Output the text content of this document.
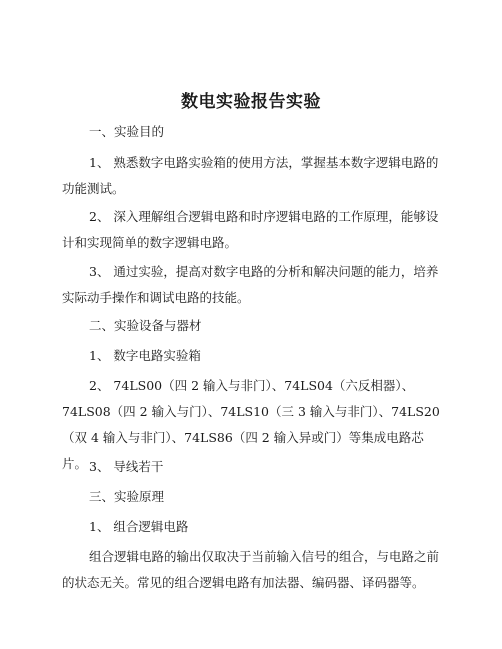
数电实验报告实验

一、实验目的

1、 熟悉数字电路实验箱的使用方法，掌握基本数字逻辑电路的功能测试。

2、 深入理解组合逻辑电路和时序逻辑电路的工作原理，能够设计和实现简单的数字逻辑电路。

3、 通过实验，提高对数字电路的分析和解决问题的能力，培养实际动手操作和调试电路的技能。

二、实验设备与器材

1、 数字电路实验箱

2、 74LS00（四 2 输入与非门）、74LS04（六反相器）、74LS08（四 2 输入与门）、74LS10（三 3 输入与非门）、74LS20（双 4 输入与非门）、74LS86（四 2 输入异或门）等集成电路芯片。 3、 导线若干

三、实验原理

1、 组合逻辑电路

组合逻辑电路的输出仅取决于当前输入信号的组合，与电路之前的状态无关。常见的组合逻辑电路有加法器、编码器、译码器等。
